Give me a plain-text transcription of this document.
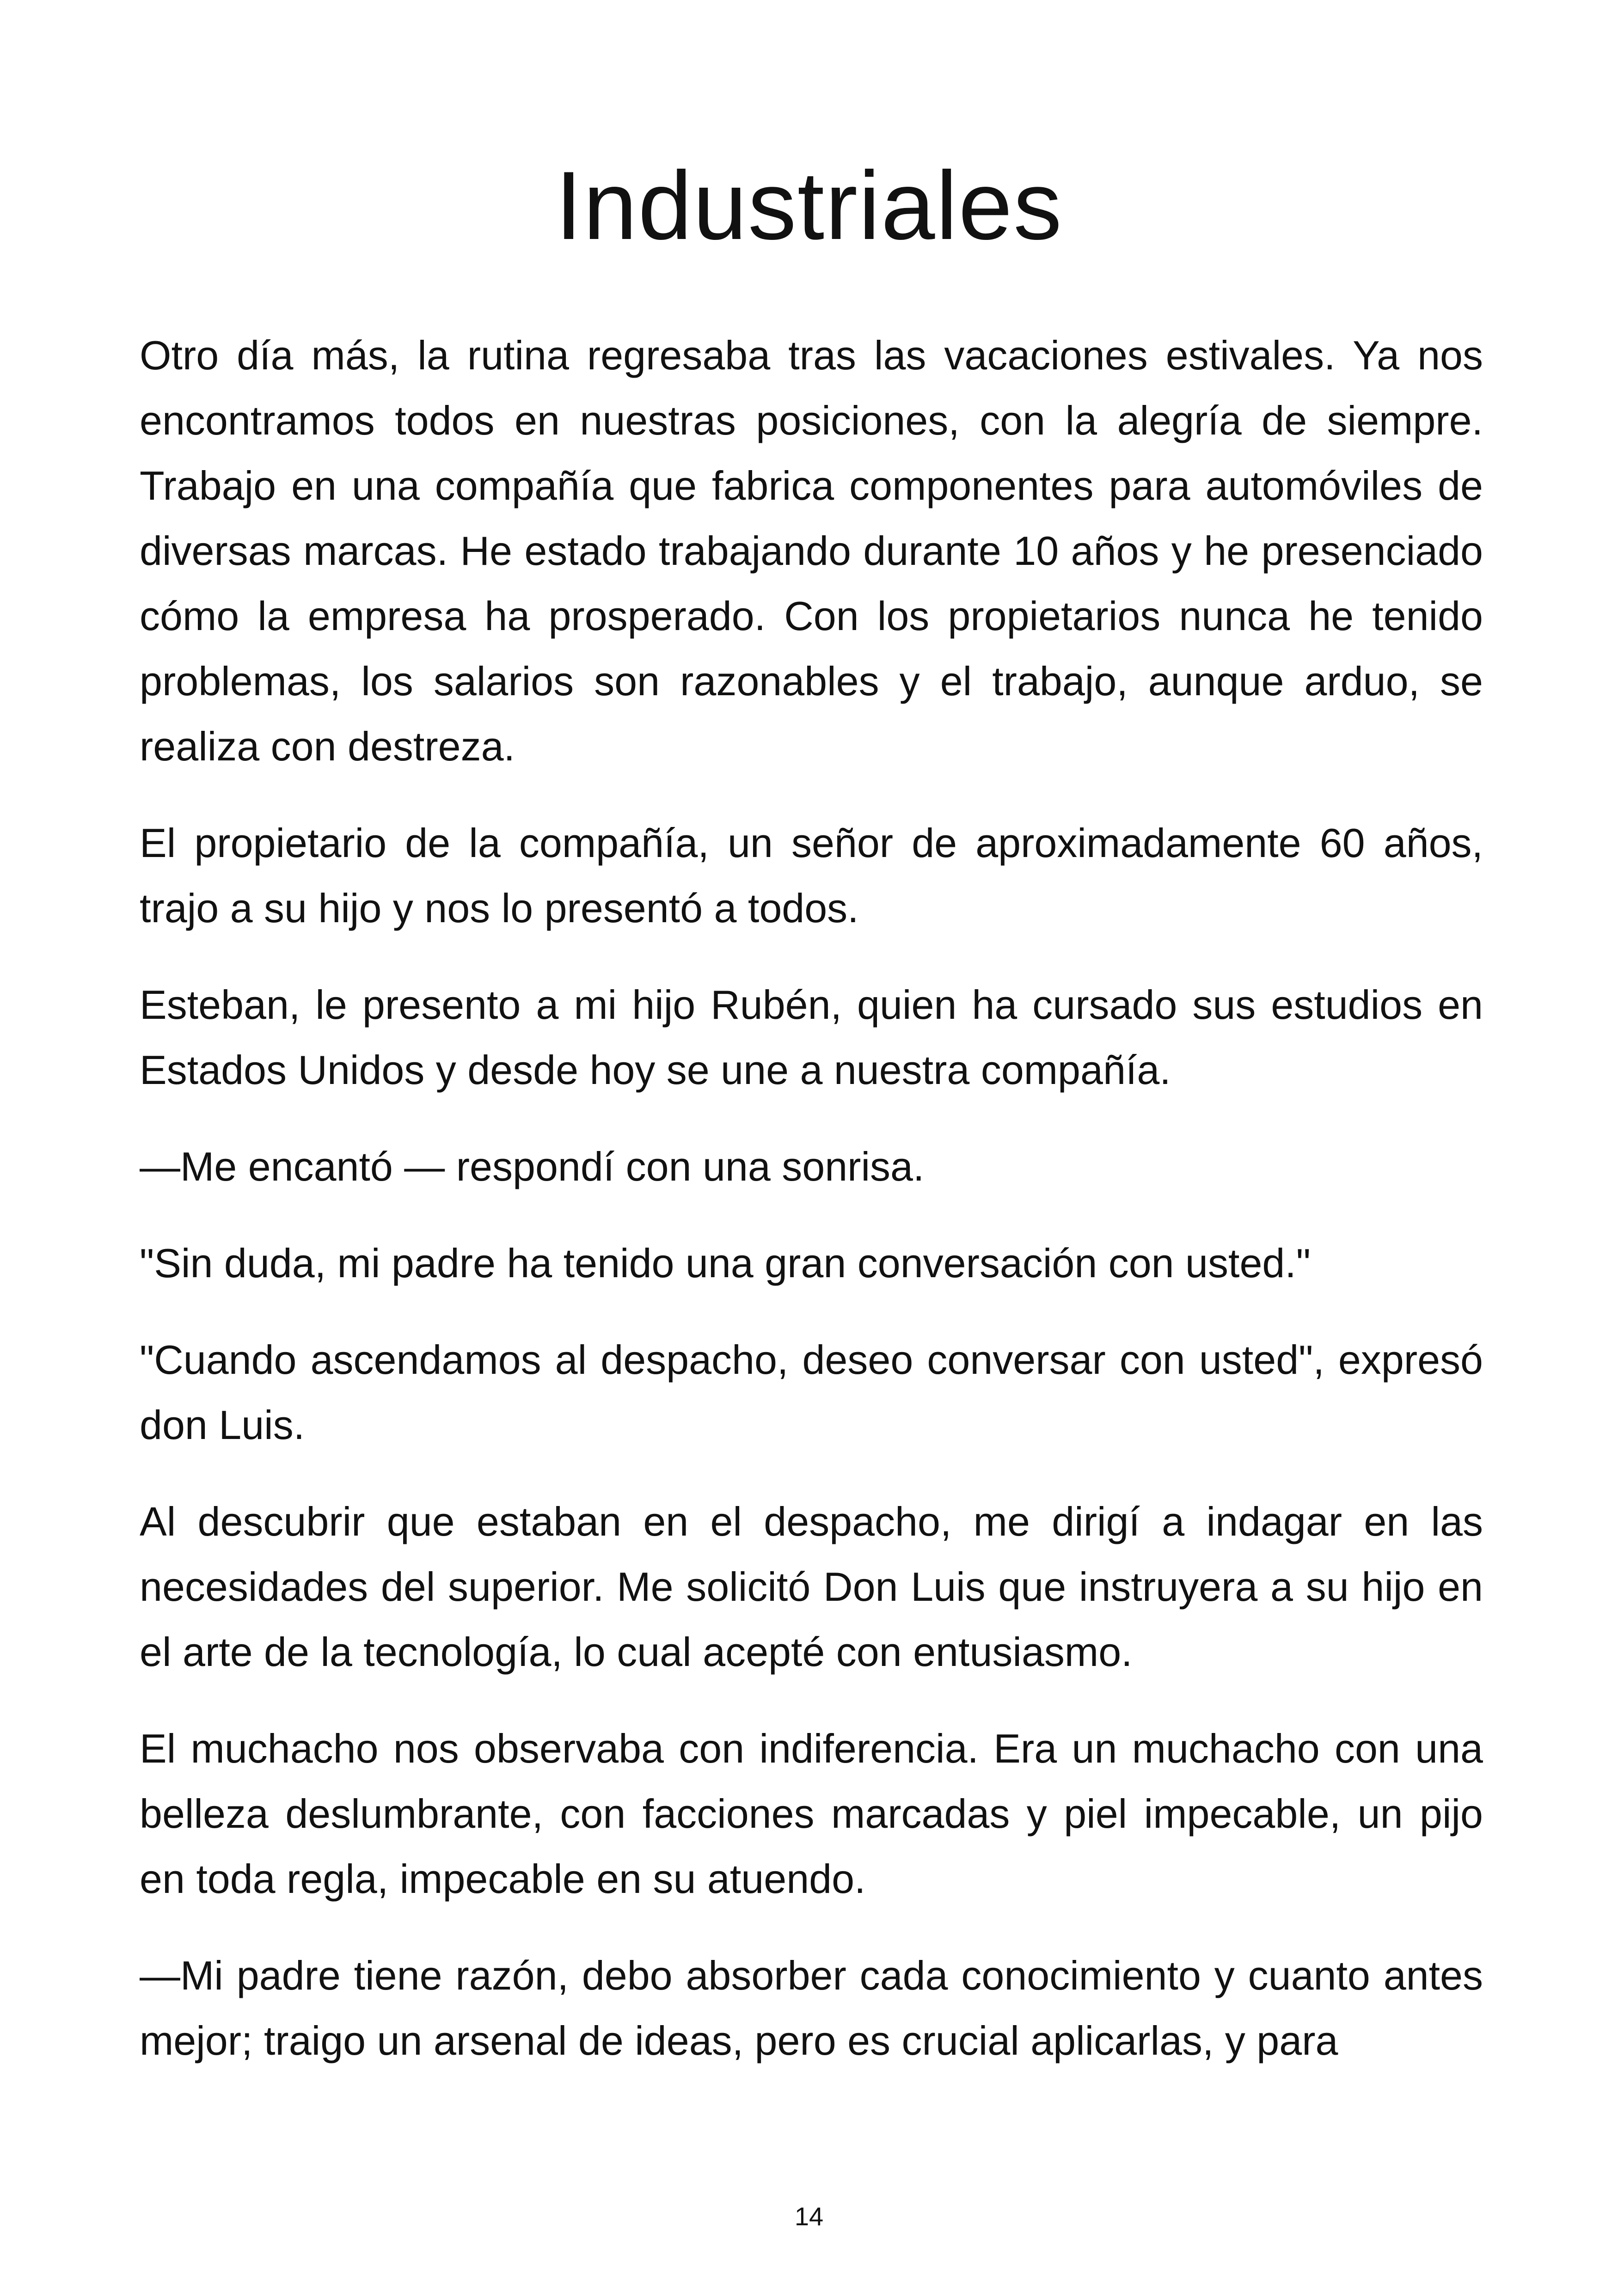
Industriales

Otro día más, la rutina regresaba tras las vacaciones estivales. Ya nos encontramos todos en nuestras posiciones, con la alegría de siempre. Trabajo en una compañía que fabrica componentes para automóviles de diversas marcas. He estado trabajando durante 10 años y he presenciado cómo la empresa ha prosperado. Con los propietarios nunca he tenido problemas, los salarios son razonables y el trabajo, aunque arduo, se realiza con destreza.

El propietario de la compañía, un señor de aproximadamente 60 años, trajo a su hijo y nos lo presentó a todos.

Esteban, le presento a mi hijo Rubén, quien ha cursado sus estudios en Estados Unidos y desde hoy se une a nuestra compañía.

—Me encantó — respondí con una sonrisa.

"Sin duda, mi padre ha tenido una gran conversación con usted."

"Cuando ascendamos al despacho, deseo conversar con usted", expresó don Luis.

Al descubrir que estaban en el despacho, me dirigí a indagar en las necesidades del superior. Me solicitó Don Luis que instruyera a su hijo en el arte de la tecnología, lo cual acepté con entusiasmo.

El muchacho nos observaba con indiferencia. Era un muchacho con una belleza deslumbrante, con facciones marcadas y piel impecable, un pijo en toda regla, impecable en su atuendo.

—Mi padre tiene razón, debo absorber cada conocimiento y cuanto antes mejor; traigo un arsenal de ideas, pero es crucial aplicarlas, y para

14
